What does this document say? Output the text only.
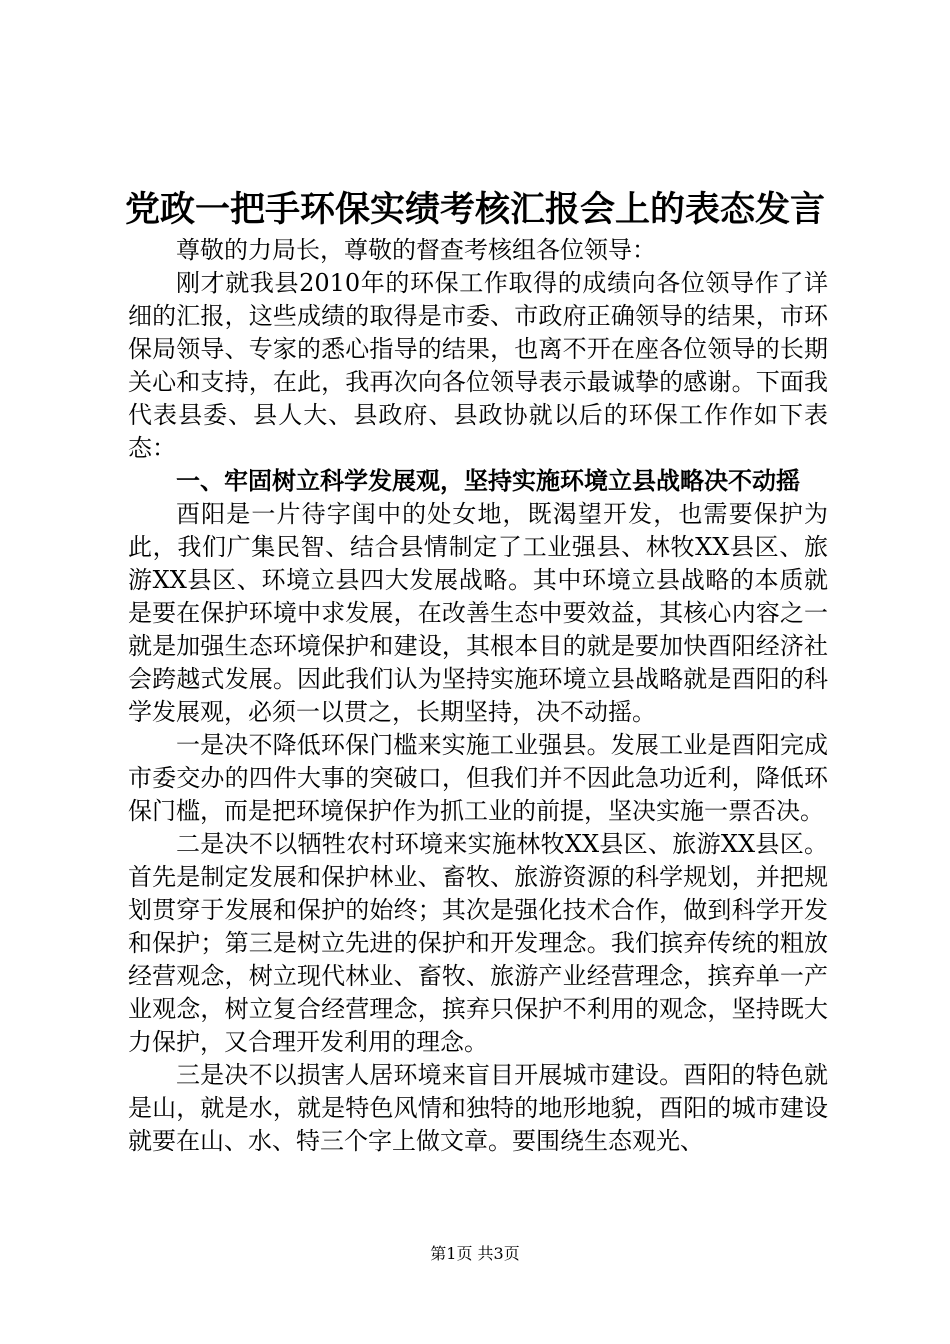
党政一把手环保实绩考核汇报会上的表态发言

尊敬的力局长，尊敬的督查考核组各位领导：

刚才就我县2010年的环保工作取得的成绩向各位领导作了详细的汇报，这些成绩的取得是市委、市政府正确领导的结果，市环保局领导、专家的悉心指导的结果，也离不开在座各位领导的长期关心和支持，在此，我再次向各位领导表示最诚挚的感谢。下面我代表县委、县人大、县政府、县政协就以后的环保工作作如下表态：

一、牢固树立科学发展观，坚持实施环境立县战略决不动摇

酉阳是一片待字闺中的处女地，既渴望开发，也需要保护为此，我们广集民智、结合县情制定了工业强县、林牧XX县区、旅游XX县区、环境立县四大发展战略。其中环境立县战略的本质就是要在保护环境中求发展，在改善生态中要效益，其核心内容之一就是加强生态环境保护和建设，其根本目的就是要加快酉阳经济社会跨越式发展。因此我们认为坚持实施环境立县战略就是酉阳的科学发展观，必须一以贯之，长期坚持，决不动摇。

一是决不降低环保门槛来实施工业强县。发展工业是酉阳完成市委交办的四件大事的突破口，但我们并不因此急功近利，降低环保门槛，而是把环境保护作为抓工业的前提，坚决实施一票否决。

二是决不以牺牲农村环境来实施林牧XX县区、旅游XX县区。首先是制定发展和保护林业、畜牧、旅游资源的科学规划，并把规划贯穿于发展和保护的始终；其次是强化技术合作，做到科学开发和保护；第三是树立先进的保护和开发理念。我们摈弃传统的粗放经营观念，树立现代林业、畜牧、旅游产业经营理念，摈弃单一产业观念，树立复合经营理念，摈弃只保护不利用的观念，坚持既大力保护，又合理开发利用的理念。

三是决不以损害人居环境来盲目开展城市建设。酉阳的特色就是山，就是水，就是特色风情和独特的地形地貌，酉阳的城市建设就要在山、水、特三个字上做文章。要围绕生态观光、

第1页 共3页
